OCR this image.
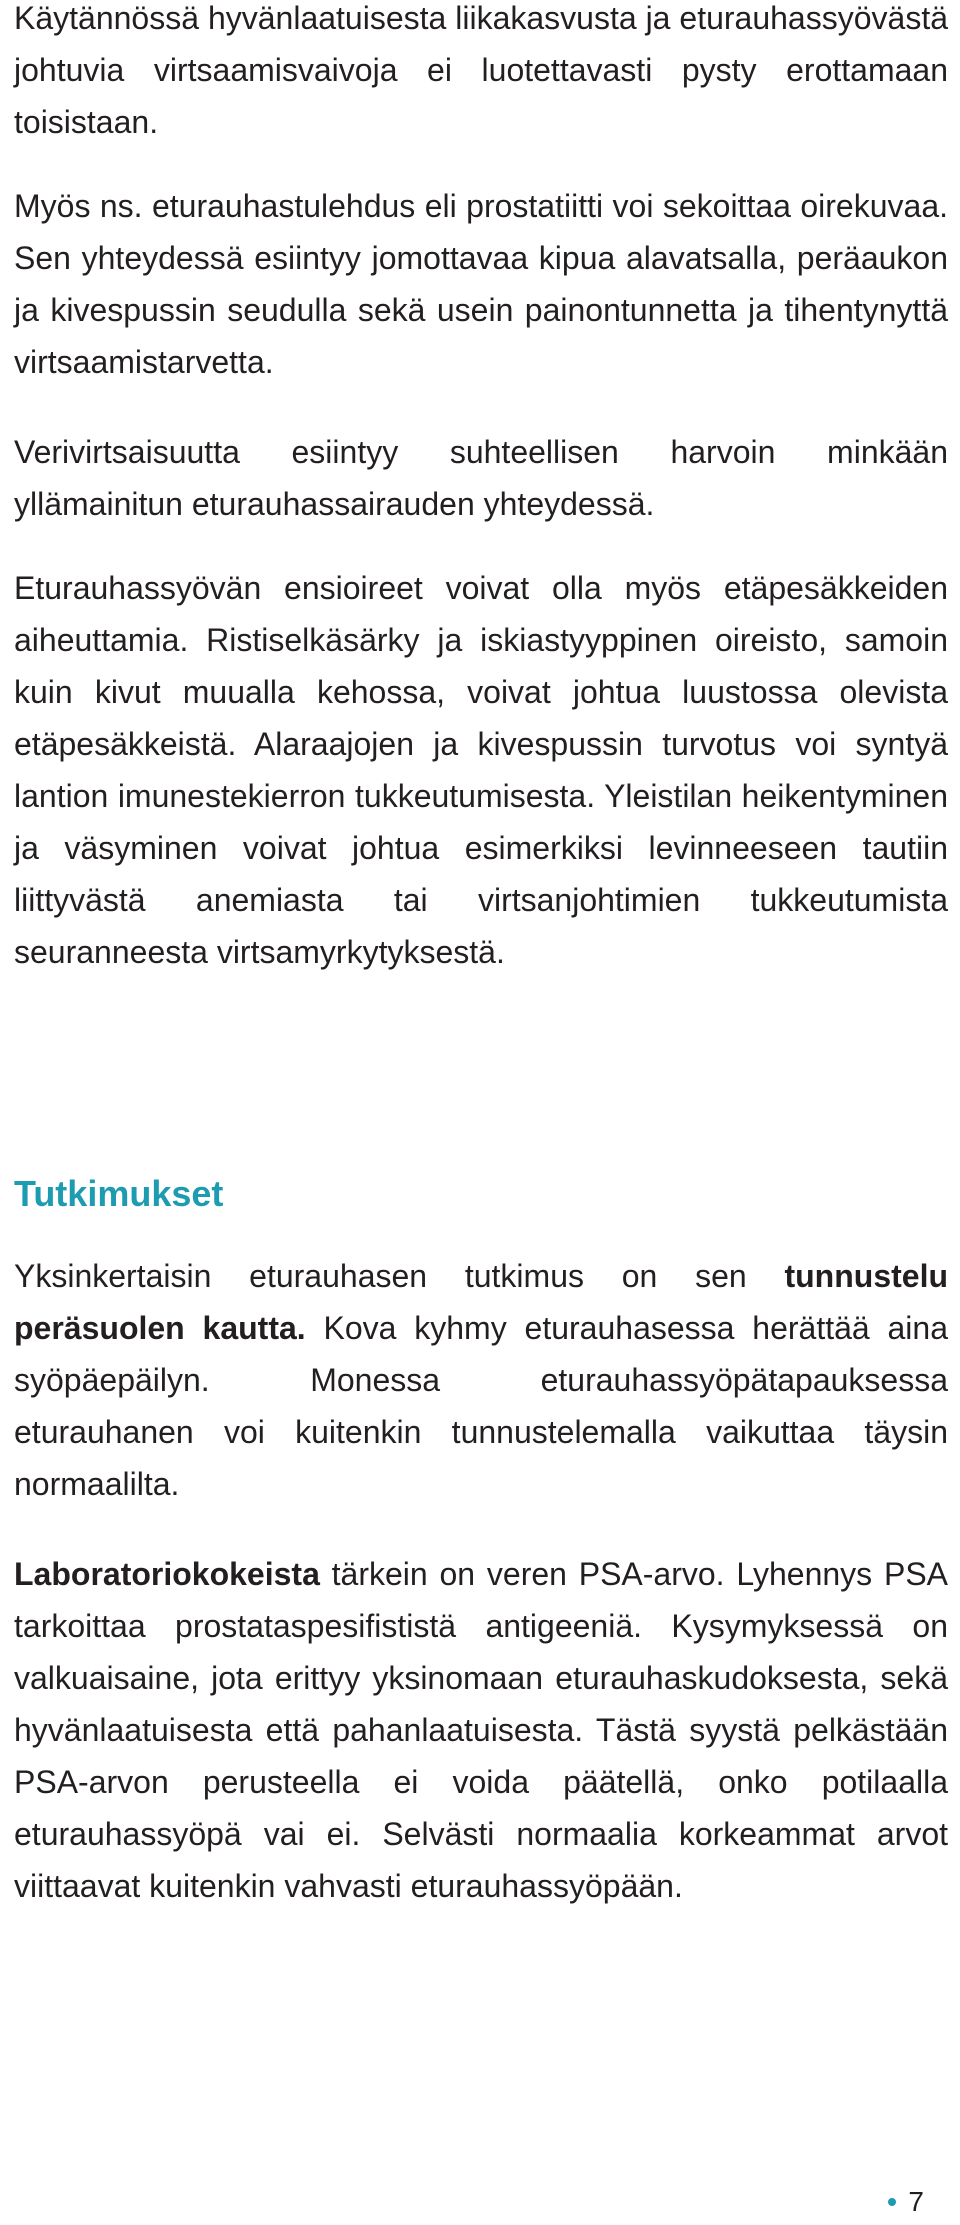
Käytännössä hyvänlaatuisesta liikakasvusta ja eturauhassyövästä johtuvia virtsaamisvaivoja ei luotettavasti pysty erottamaan toisistaan.

Myös ns. eturauhastulehdus eli prostatiitti voi sekoittaa oirekuvaa. Sen yhteydessä esiintyy jomottavaa kipua alavatsalla, peräaukon ja kivespussin seudulla sekä usein painontunnetta ja tihentynyttä virtsaamistarvetta.

Verivirtsaisuutta esiintyy suhteellisen harvoin minkään yllämainitun eturauhassairauden yhteydessä.

Eturauhassyövän ensioireet voivat olla myös etäpesäkkeiden aiheuttamia. Ristiselkäsärky ja iskiastyyppinen oireisto, samoin kuin kivut muualla kehossa, voivat johtua luustossa olevista etäpesäkkeistä. Alaraajojen ja kivespussin turvotus voi syntyä lantion imunestekierron tukkeutumisesta. Yleistilan heikentyminen ja väsyminen voivat johtua esimerkiksi levinneeseen tautiin liittyvästä anemiasta tai virtsanjohtimien tukkeutumista seuranneesta virtsamyrkytyksestä.

Tutkimukset

Yksinkertaisin eturauhasen tutkimus on sen tunnustelu peräsuolen kautta. Kova kyhmy eturauhasessa herättää aina syöpäepäilyn. Monessa eturauhassyöpätapauksessa eturauhanen voi kuitenkin tunnustelemalla vaikuttaa täysin normaalilta.

Laboratoriokokeista tärkein on veren PSA-arvo. Lyhennys PSA tarkoittaa prostataspesifististä antigeeniä. Kysymyksessä on valkuaisaine, jota erittyy yksinomaan eturauhaskudoksesta, sekä hyvänlaatuisesta että pahanlaatuisesta. Tästä syystä pelkästään PSA-arvon perusteella ei voida päätellä, onko potilaalla eturauhassyöpä vai ei. Selvästi normaalia korkeammat arvot viittaavat kuitenkin vahvasti eturauhassyöpään.

7
